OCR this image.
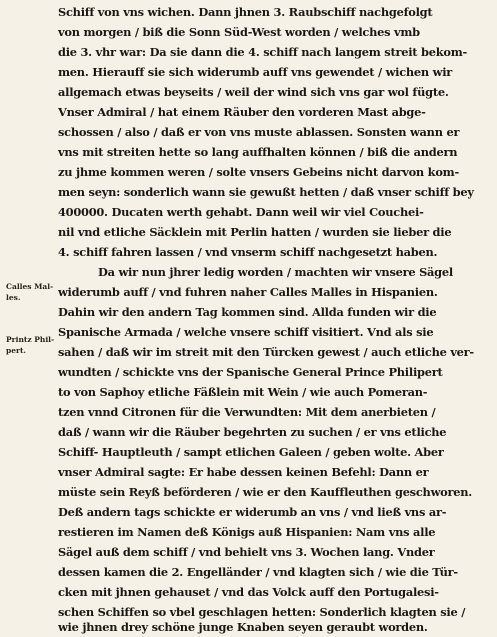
Calles Mal-
les.
Printz Phil-
pert.
Schiff von vns wichen. Dann jhnen 3. Raubschiff nachgefolgt
von morgen / biß die Sonn Süd-West worden / welches vmb
die 3. vhr war: Da sie dann die 4. schiff nach langem streit bekom-
men. Hierauff sie sich widerumb auff vns gewendet / wichen wir
allgemach etwas beyseits / weil der wind sich vns gar wol fügte.
Vnser Admiral / hat einem Räuber den vorderen Mast abge-
schossen / also / daß er von vns muste ablassen. Sonsten wann er
vns mit streiten hette so lang auffhalten können / biß die andern
zu jhme kommen weren / solte vnsers Gebeins nicht darvon kom-
men seyn: sonderlich wann sie gewußt hetten / daß vnser schiff bey
400000. Ducaten werth gehabt. Dann weil wir viel Couchei-
nil vnd etliche Säcklein mit Perlin hatten / wurden sie lieber die
4. schiff fahren lassen / vnd vnserm schiff nachgesetzt haben.
Da wir nun jhrer ledig worden / machten wir vnsere Sägel
widerumb auff / vnd fuhren naher Calles Malles in Hispanien.
Dahin wir den andern Tag kommen sind. Allda funden wir die
Spanische Armada / welche vnsere schiff visitiert. Vnd als sie
sahen / daß wir im streit mit den Türcken gewest / auch etliche ver-
wundten / schickte vns der Spanische General Prince Philipert
to von Saphoy etliche Fäßlein mit Wein / wie auch Pomeran-
tzen vnnd Citronen für die Verwundten: Mit dem anerbieten /
daß / wann wir die Räuber begehrten zu suchen / er vns etliche
Schiff- Hauptleuth / sampt etlichen Galeen / geben wolte. Aber
vnser Admiral sagte: Er habe dessen keinen Befehl: Dann er
müste sein Reyß beförderen / wie er den Kauffleuthen geschworen.
Deß andern tags schickte er widerumb an vns / vnd ließ vns ar-
restieren im Namen deß Königs auß Hispanien: Nam vns alle
Sägel auß dem schiff / vnd behielt vns 3. Wochen lang. Vnder
dessen kamen die 2. Engelländer / vnd klagten sich / wie die Tür-
cken mit jhnen gehauset / vnd das Volck auff den Portugalesi-
schen Schiffen so vbel geschlagen hetten: Sonderlich klagten sie /
wie jhnen drey schöne junge Knaben seyen geraubt worden.
